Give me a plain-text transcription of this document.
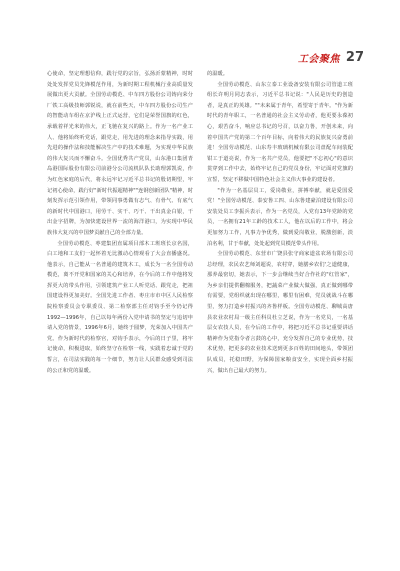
工会聚焦 27

心使命，坚定理想信仰，践行党的宗旨，弘扬沂蒙精神，时时处处发挥党员先锋模范作用，为新时期工程机械行业高质量发展做出更大贡献。全国劳动模范、中车四方股份公司铸向荣分厂铁工高级技师郭锐说，就在前些天，中车四方股份公司生产的智能动车组在京沪线上正式运营，它们是荣誉国旗的红色，承载着祥光米的伟大，正飞驰在复兴的路上。作为一名产业工人、他将始终听党话，跟党走，用先进的理念来指导实践，用先进的操作法和技能解决生产中的技术难题，为实现中华民族的伟大复兴而不懈奋斗。全国优秀共产党员，山东港口集团青岛港国际股份有限公司前港分公司流机队队长助理郭凯说，作为红色家庭的后代，将永远牢记习近平总书记的殷切期望，牢记初心使命，践行好"新时代振超精神""连钢创新团队"精神，时刻发挥示范引领作用，带领同事勇做有志气、有骨气、有底气的新时代中国港口，用劳干、实干、巧干、干出真金白银，干出金字招牌，为加快建设世界一流的海洋港口，为实现中华民族伟大复兴的中国梦贡献自己的全部力量。

全国劳动模范、枣建集团直属项目部木工班班长京名国，白工地和工友们一起怀着无比激动心情观看了大会直播盛况。他表示，自己能从一名普通的建筑木工，成长为一名全国劳动模范，离不开党和国家的关心和培养，在今后的工作中他将发挥更大的带头作用，引领建筑产业工人听党话、跟党走，把祖国建设得更加美好。全国先进工作者、枣庄市市中区人民检察院检察委员会专职委员、第二检察部主任对钧手至今仍记得1992—1996年，自己以每年两份入党申请书的坚定与追切申请入党的情景，1996年6月，她终于圆梦，光荣加入中国共产党。作为新时代的检察官，对钧手表示，今后的日子里，将牢记使命，积极进取，始终坚守在检察一线，实践着忠诚于党的誓言，在司法实践的每一个细节，努力让人民群众感受到司法的公正和党的温暖。

的温暖。

全国劳动模范、山东立泰工业设备安装有限公司管道工班组长许明月同志表示，习近平总书记说："人民是历史的创造者，是真正的英雄。""未来属于青年，希望寄于青年。"作为新时代的青年职工，一名普通的社会主义劳动者，他更要永葆初心，艰苦奋斗，响应总书记的号召，以奋力鲁，开创未来，向着中国共产党的第二个百年目标，向着伟大的民族复兴奋勇前进！全国劳动模范、山东寿丰玻璃机械有限公司盘配车间装配钳工于道亮说，作为一名共产党员，他要把"不忘初心"的意识贯穿到工作中去，始终牢记自己的党员身份，牢记面对党旗的宣誓，坚定不移做中国特色社会主义伟大事业的建设者。

"作为一名基层员工，爱岗敬业，拼搏奉献，就是爱国爱党！"全国劳动模范、泰安鲁工四、山东鲁建豪泊建设有限公司安装处员工李振兵表示，作为一名党员，入党有13年党龄的党员，一名拥有21年工龄的技术工人，他在以后的工作中，将会更加努力工作，凡事力争优秀，做到爱岗敬业，脱激创新，淡泊名利，甘于奉献，处处起到党员模范带头作用。

全国劳动模范、东营市广饶县张守商家道盆农场有限公司总经理，农民农艺师刘超说，农村穿，她膳乡农们'之道健康，那养最密切，她表示，下一步会继续当好合作社的"红管家"，为乡亲们提供翻棉服务，把蔬菜产业做大做强，真正做到哪带有需要，党组织就出现在哪里，哪里有困难，党员就战斗在哪里，努力打造乡村振兴的齐鲁样板。全国劳动模范、聊城高唐县农业农村局一级主任科员杜立芝说，作为一名党员，一名基层女农技人员，在今后的工作中，将把习近平总书记重要讲话精神作为党指令者言鼓的心中，充分发挥自己的专业优势，技术优势，把更多的农业技术送到更多百姓的田间地头，带领团队成员，托稳田野，为保障国家粮食安全，实现全面乡村振兴，做出自己最大的努力。
